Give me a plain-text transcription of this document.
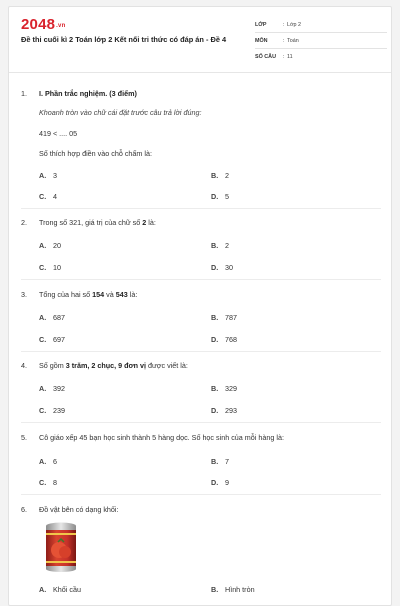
2048.vn
Đề thi cuối kì 2 Toán lớp 2 Kết nối tri thức có đáp án - Đề 4
LỚP	: Lớp 2
MÔN	: Toán
SỐ CÂU	: 11
1.	I. Phần trắc nghiệm. (3 điểm)
Khoanh tròn vào chữ cái đặt trước câu trả lời đúng:
419 < .... 05
Số thích hợp điền vào chỗ chấm là:
A. 3	B. 2
C. 4	D. 5
2.	Trong số 321, giá trị của chữ số 2 là:
A. 20	B. 2
C. 10	D. 30
3.	Tổng của hai số 154 và 543 là:
A. 687	B. 787
C. 697	D. 768
4.	Số gồm 3 trăm, 2 chục, 9 đơn vị được viết là:
A. 392	B. 329
C. 239	D. 293
5.	Cô giáo xếp 45 bạn học sinh thành 5 hàng dọc. Số học sinh của mỗi hàng là:
A. 6	B. 7
C. 8	D. 9
6.	Đồ vật bên có dạng khối:
A. Khối cầu	B. Hình tròn
